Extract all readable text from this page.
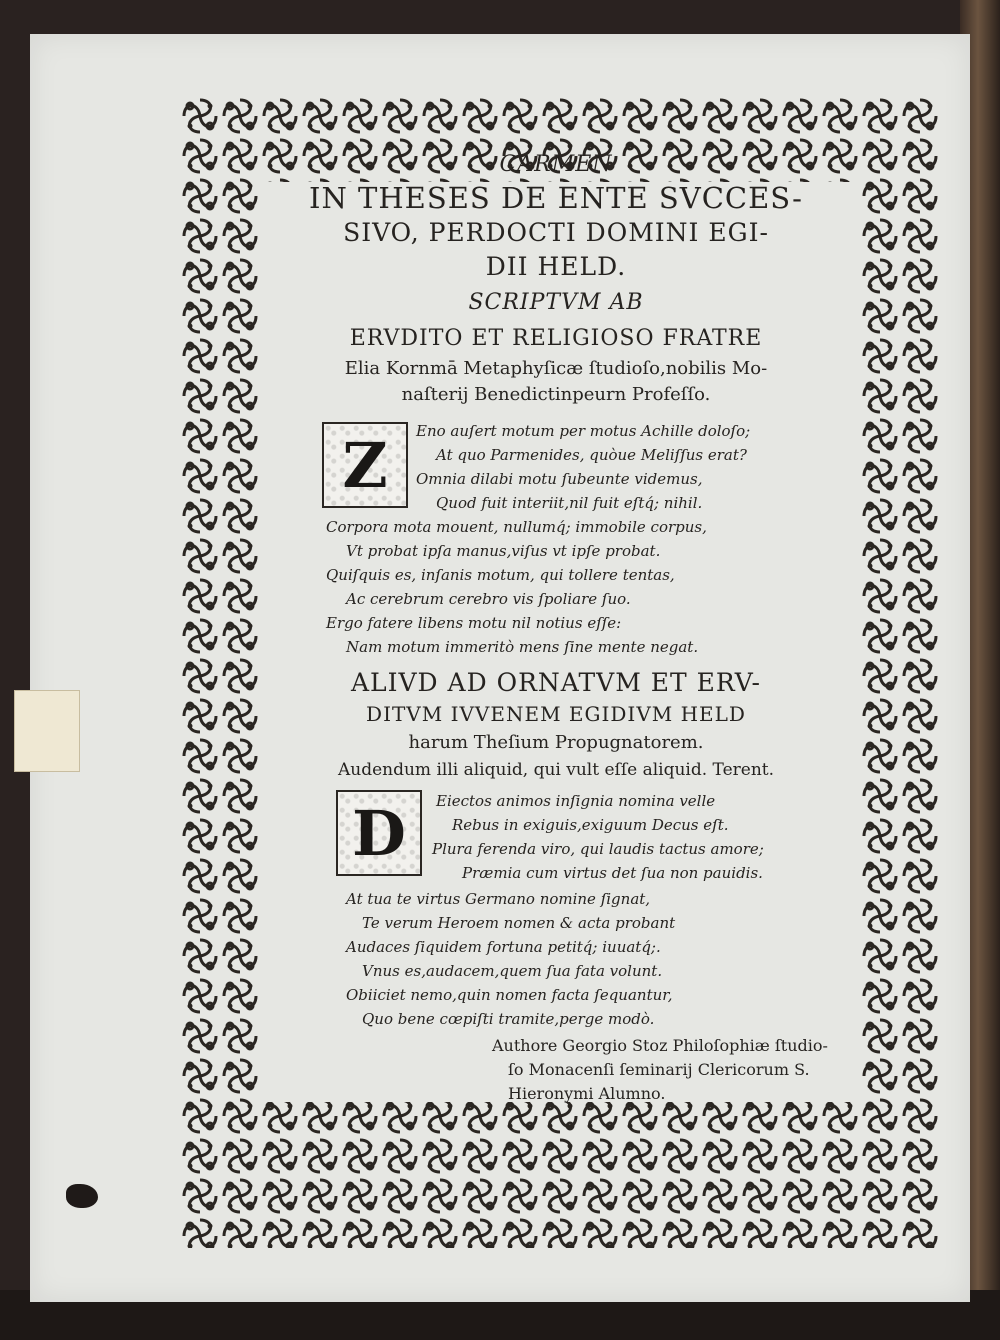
CARMEN
IN THESES DE ENTE SVCCES-
SIVO, PERDOCTI DOMINI EGI-
DII HELD.
SCRIPTVM AB
ERVDITO ET RELIGIOSO FRATRE
Elia Kornmā Metaphyſicæ ſtudioſo,nobilis Mo-
naſterij Benedictinpeurn Profeſſo.
Z	Eno auſert motum per motus Achille doloſo;
At quo Parmenides, quòue Meliſſus erat?
Omnia dilabi motu ſubeunte videmus,
Quod fuit interiit,nil fuit eſtq́; nihil.
Corpora mota mouent, nullumq́; immobile corpus,
Vt probat ipſa manus,viſus vt ipſe probat.
Quiſquis es, inſanis motum, qui tollere tentas,
Ac cerebrum cerebro vis ſpoliare ſuo.
Ergo fatere libens motu nil notius eſſe:
Nam motum immeritò mens ſine mente negat.
ALIVD AD ORNATVM ET ERV-
DITVM IVVENEM EGIDIVM HELD
harum Theſium Propugnatorem.
Audendum illi aliquid, qui vult eſſe aliquid. Terent.
D	Eiectos animos inſignia nomina velle
Rebus in exiguis,exiguum Decus eſt.
Plura ferenda viro, qui laudis tactus amore;
Præmia cum virtus det ſua non pauidis.
At tua te virtus Germano nomine ſignat,
Te verum Heroem nomen & acta probant
Audaces ſiquidem fortuna petitq́; iuuatq́;.
Vnus es,audacem,quem ſua fata volunt.
Obiiciet nemo,quin nomen facta ſequantur,
Quo bene cœpiſti tramite,perge modò.
Authore Georgio Stoz Philoſophiæ ſtudio-
ſo Monacenſi ſeminarij Clericorum S.
Hieronymi Alumno.
